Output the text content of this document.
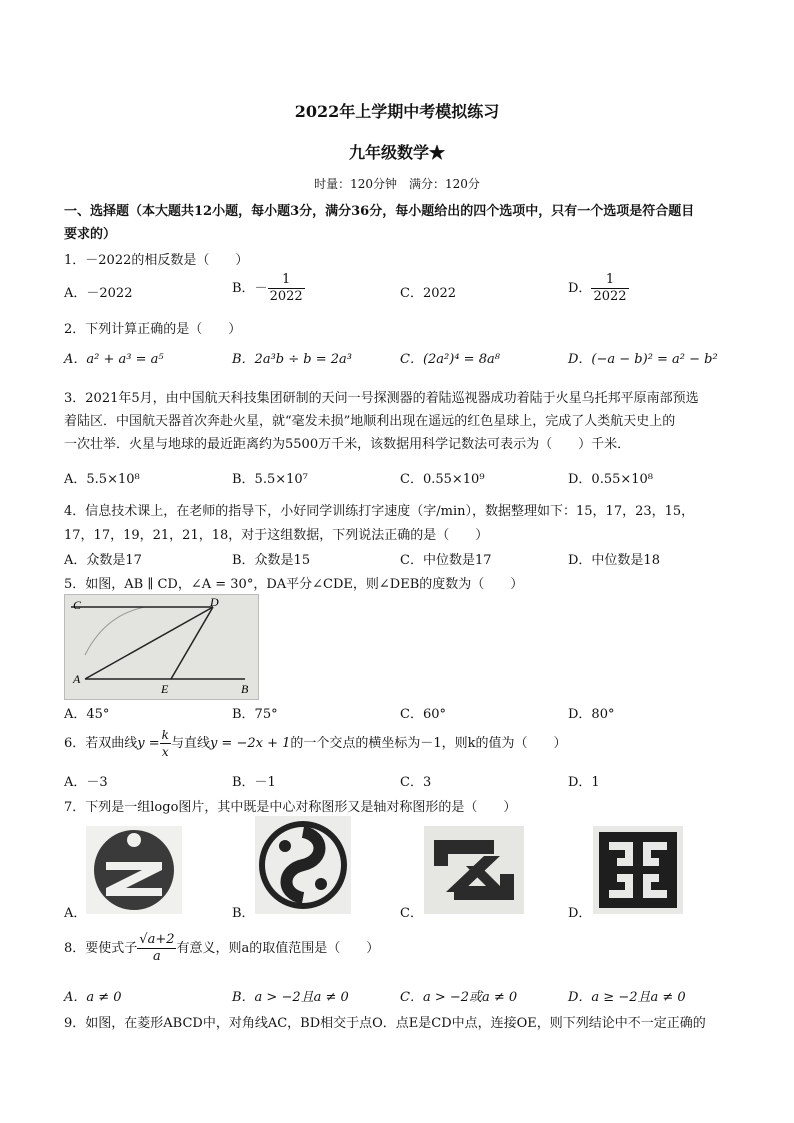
2022年上学期中考模拟练习
九年级数学★
时量：120分钟　满分：120分
一、选择题（本大题共12小题，每小题3分，满分36分，每小题给出的四个选项中，只有一个选项是符合题目
要求的）
1．－2022的相反数是（　　）
A．－2022	B．－ $\frac{1}{2022}$	C．2022	D． $\frac{1}{2022}$
2．下列计算正确的是（　　）
A．a² + a³ = a⁵	B．2a³b ÷ b = 2a³	C．(2a²)⁴ = 8a⁸	D．(−a − b)² = a² − b²
3．2021年5月，由中国航天科技集团研制的天问一号探测器的着陆巡视器成功着陆于火星乌托邦平原南部预选
着陆区．中国航天器首次奔赴火星，就“毫发未损”地顺利出现在遥远的红色星球上，完成了人类航天史上的
一次壮举．火星与地球的最近距离约为5500万千米，该数据用科学记数法可表示为（　　）千米．
A．5.5×10⁸	B．5.5×10⁷	C．0.55×10⁹	D．0.55×10⁸
4．信息技术课上，在老师的指导下，小好同学训练打字速度（字/min），数据整理如下：15，17，23，15，
17，17，19，21，21，18，对于这组数据，下列说法正确的是（　　）
A．众数是17	B．众数是15	C．中位数是17	D．中位数是18
5．如图，AB ∥ CD，∠A = 30°，DA平分∠CDE，则∠DEB的度数为（　　）
C	D
A
E	B
A．45°	B．75°	C．60°	D．80°
6．若双曲线$y = \frac{k}{x}$ 与直线y = −2x + 1的一个交点的横坐标为－1，则k的值为（　　）
A．－3	B．－1	C．3	D．1
7．下列是一组logo图片，其中既是中心对称图形又是轴对称图形的是（　　）
A．	B．	C．	D．
8．要使式子 $\frac{√a+2}{a}$ 有意义，则a的取值范围是（　　）
A．a ≠ 0	B．a > −2且a ≠ 0	C．a > −2或a ≠ 0	D．a ≥ −2且a ≠ 0
9．如图，在菱形ABCD中，对角线AC，BD相交于点O．点E是CD中点，连接OE，则下列结论中不一定正确的
